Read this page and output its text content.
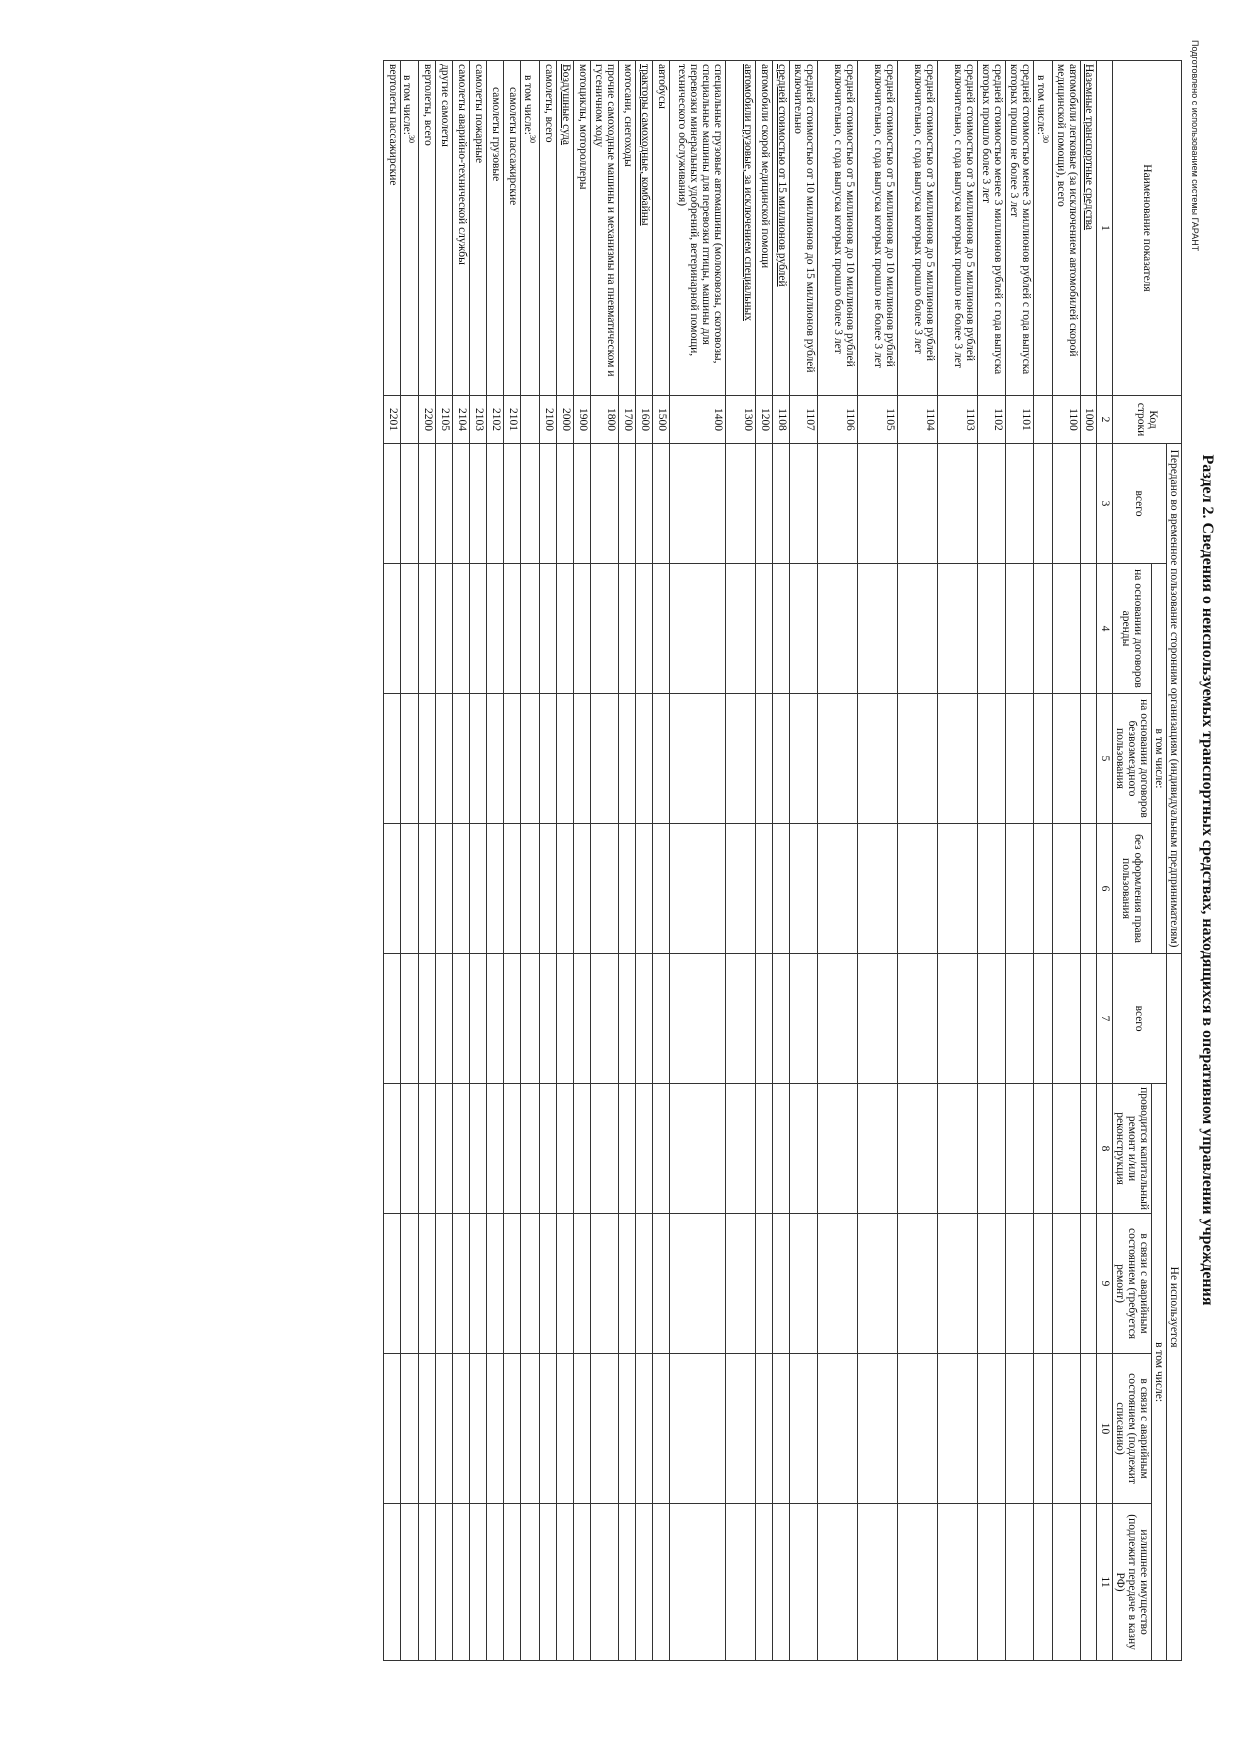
Подготовлено с использованием системы ГАРАНТ
Раздел 2. Сведения о неиспользуемых транспортных средствах, находящихся в оперативном управлении учреждения
Наименование показателя	Код строки	Передано во временное пользование сторонним организациям (индивидуальным предпринимателям)				Не используется				
		всего	в том числе:			всего	в том числе:			
			на основании договоров аренды	на основании договоров безвозмездного пользования	без оформления права пользования		проводится капитальный ремонт и/или реконструкция	в связи с аварийным состоянием (требуется ремонт)	в связи с аварийным состоянием (подлежит списанию)	излишнее имущество (подлежит передаче в казну РФ)
1	2	3	4	5	6	7	8	9	10	11
Наземные транспортные средства	1000									
автомобили легковые (за исключением автомобилей скорой медицинской помощи), всего	1100									
в том числе:$^{30}$										
средней стоимостью менее 3 миллионов рублей с года выпуска которых прошло не более 3 лет	1101									
средней стоимостью менее 3 миллионов рублей с года выпуска которых прошло более 3 лет	1102									
средней стоимостью от 3 миллионов до 5 миллионов рублей включительно, с года выпуска которых прошло не более 3 лет	1103									
средней стоимостью от 3 миллионов до 5 миллионов рублей включительно, с года выпуска которых прошло более 3 лет	1104									
средней стоимостью от 5 миллионов до 10 миллионов рублей включительно, с года выпуска которых прошло не более 3 лет	1105									
средней стоимостью от 5 миллионов до 10 миллионов рублей включительно, с года выпуска которых прошло более 3 лет	1106									
средней стоимостью от 10 миллионов до 15 миллионов рублей включительно	1107									
средней стоимостью от 15 миллионов рублей	1108									
автомобили скорой медицинской помощи	1200									
автомобили грузовые, за исключением специальных	1300									
специальные грузовые автомашины (молоковозы, скотовозы, специальные машины для перевозки птицы, машины для перевозки минеральных удобрений, ветеринарной помощи, технического обслуживания)	1400									
автобусы	1500									
тракторы самоходные, комбайны	1600									
мотосани, снегоходы	1700									
прочие самоходные машины и механизмы на пневматическом и гусеничном ходу	1800									
мотоциклы, мотороллеры	1900									
Воздушные суда	2000									
самолеты, всего	2100									
в том числе:$^{30}$										
самолеты пассажирские	2101									
самолеты грузовые	2102									
самолеты пожарные	2103									
самолеты аварийно-технической службы	2104									
другие самолеты	2105									
вертолеты, всего	2200									
в том числе:$^{30}$										
вертолеты пассажирские	2201									
